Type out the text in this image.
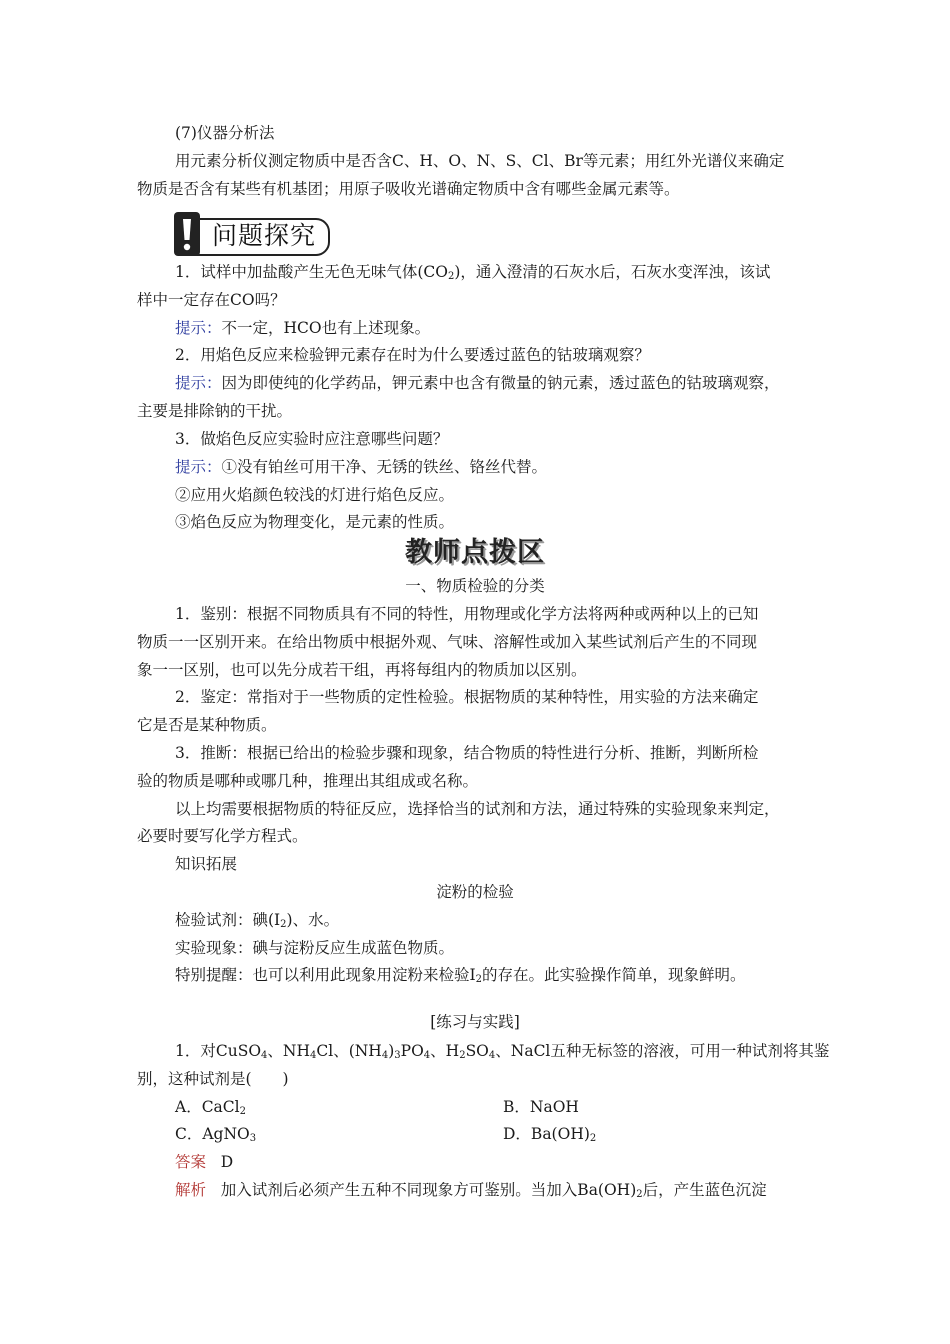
(7)仪器分析法
用元素分析仪测定物质中是否含C、H、O、N、S、Cl、Br等元素；用红外光谱仪来确定
物质是否含有某些有机基团；用原子吸收光谱确定物质中含有哪些金属元素等。
问题探究
1．试样中加盐酸产生无色无味气体$(CO_2)$，通入澄清的石灰水后，石灰水变浑浊，该试
样中一定存在CO吗？
提示：不一定，HCO也有上述现象。
2．用焰色反应来检验钾元素存在时为什么要透过蓝色的钴玻璃观察？
提示：因为即使纯的化学药品，钾元素中也含有微量的钠元素，透过蓝色的钴玻璃观察，
主要是排除钠的干扰。
3．做焰色反应实验时应注意哪些问题？
提示：①没有铂丝可用干净、无锈的铁丝、铬丝代替。
②应用火焰颜色较浅的灯进行焰色反应。
③焰色反应为物理变化，是元素的性质。
教师点拨区
一、物质检验的分类
1．鉴别：根据不同物质具有不同的特性，用物理或化学方法将两种或两种以上的已知
物质一一区别开来。在给出物质中根据外观、气味、溶解性或加入某些试剂后产生的不同现
象一一区别，也可以先分成若干组，再将每组内的物质加以区别。
2．鉴定：常指对于一些物质的定性检验。根据物质的某种特性，用实验的方法来确定
它是否是某种物质。
3．推断：根据已给出的检验步骤和现象，结合物质的特性进行分析、推断，判断所检
验的物质是哪种或哪几种，推理出其组成或名称。
以上均需要根据物质的特征反应，选择恰当的试剂和方法，通过特殊的实验现象来判定，
必要时要写化学方程式。
知识拓展
淀粉的检验
检验试剂：碘$(I_2)$、水。
实验现象：碘与淀粉反应生成蓝色物质。
特别提醒：也可以利用此现象用淀粉来检验$I_2$的存在。此实验操作简单，现象鲜明。
[练习与实践]
1．对CuSO$_4$、$NH_4Cl$、$(NH_4)_3PO_4$、$H_2SO_4$、NaCl五种无标签的溶液，可用一种试剂将其鉴
别，这种试剂是(　　)
A．CaCl$_2$	B．NaOH
C．AgNO$_3$	D．$Ba(OH)_2$
答案 D
解析 加入试剂后必须产生五种不同现象方可鉴别。当加入$Ba(OH)_2$后，产生蓝色沉淀
